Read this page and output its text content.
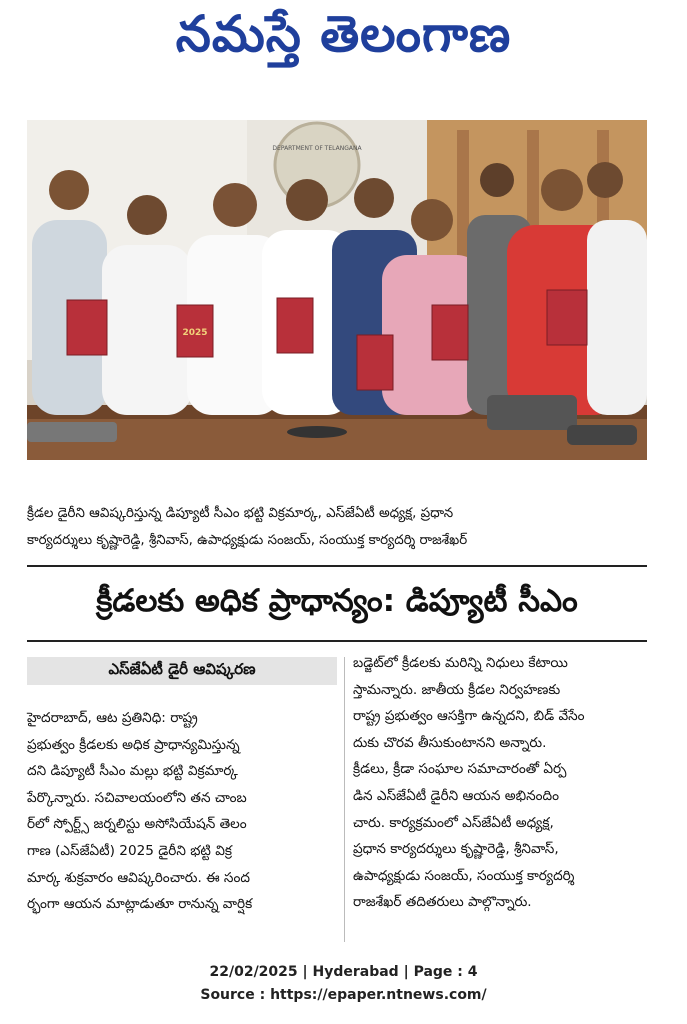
నమస్తే తెలంగాణ
DEPARTMENT OF TELANGANA
2025
క్రీడల డైరీని ఆవిష్కరిస్తున్న డిప్యూటీ సీఎం భట్టి విక్రమార్క, ఎస్‌జేఏటీ అధ్యక్ష, ప్రధాన
కార్యదర్శులు కృష్ణారెడ్డి, శ్రీనివాస్, ఉపాధ్యక్షుడు సంజయ్, సంయుక్త కార్యదర్శి రాజశేఖర్
క్రీడలకు అధిక ప్రాధాన్యం: డిప్యూటీ సీఎం
ఎస్‌జేఏటీ డైరీ ఆవిష్కరణ
హైదరాబాద్, ఆట ప్రతినిధి: రాష్ట్ర
ప్రభుత్వం క్రీడలకు అధిక ప్రాధాన్యమిస్తున్న
దని డిప్యూటీ సీఎం మల్లు భట్టి విక్రమార్క
పేర్కొన్నారు. సచివాలయంలోని తన చాంబ
ర్‌లో స్పోర్ట్స్ జర్నలిస్టు అసోసియేషన్ తెలం
గాణ (ఎస్‌జేఏటీ) 2025 డైరీని భట్టి విక్ర
మార్క శుక్రవారం ఆవిష్కరించారు. ఈ సంద
ర్భంగా ఆయన మాట్లాడుతూ రానున్న వార్షిక
బడ్జెట్‌లో క్రీడలకు మరిన్ని నిధులు కేటాయి
స్తామన్నారు. జాతీయ క్రీడల నిర్వహణకు
రాష్ట్ర ప్రభుత్వం ఆసక్తిగా ఉన్నదని, బిడ్ వేసేం
దుకు చొరవ తీసుకుంటానని అన్నారు.
క్రీడలు, క్రీడా సంఘాల సమాచారంతో ఏర్ప
డిన ఎస్‌జేఏటీ డైరీని ఆయన అభినందిం
చారు. కార్యక్రమంలో ఎస్‌జేఏటీ అధ్యక్ష,
ప్రధాన కార్యదర్శులు కృష్ణారెడ్డి, శ్రీనివాస్,
ఉపాధ్యక్షుడు సంజయ్, సంయుక్త కార్యదర్శి
రాజశేఖర్ తదితరులు పాల్గొన్నారు.
22/02/2025 | Hyderabad | Page : 4
Source : https://epaper.ntnews.com/
